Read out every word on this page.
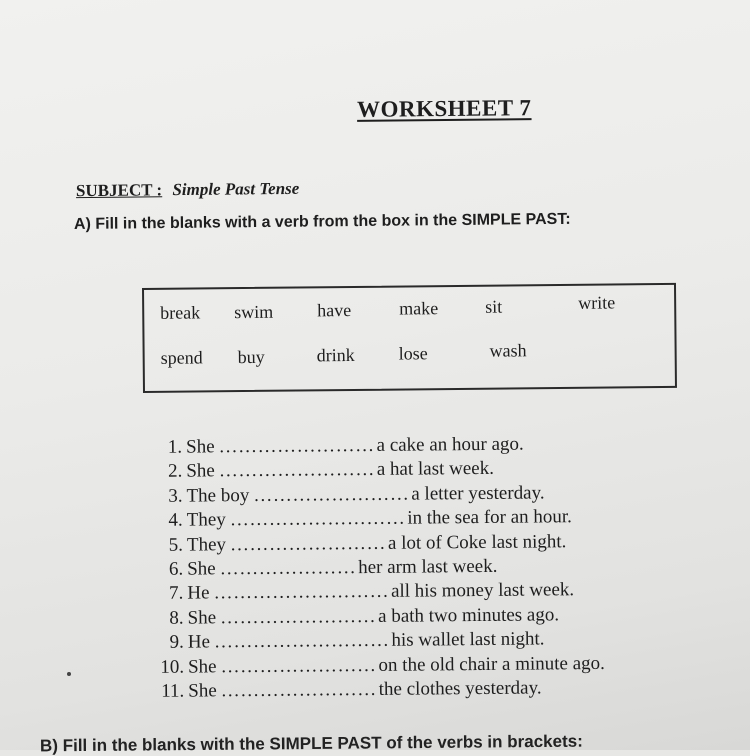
WORKSHEET 7
SUBJECT : Simple Past Tense
A) Fill in the blanks with a verb from the box in the SIMPLE PAST:
break swim have	make	sit	write
spend buy	drink lose	wash
1. She …………………… a cake an hour ago.
2. She …………………… a hat last week.
3. The boy …………………… a letter yesterday.
4. They ……………………… in the sea for an hour.
5. They …………………… a lot of Coke last night.
6. She ………………… her arm last week.
7. He ……………………… all his money last week.
8. She …………………… a bath two minutes ago.
9. He ……………………… his wallet last night.
10. She …………………… on the old chair a minute ago.
11. She …………………… the clothes yesterday.
B) Fill in the blanks with the SIMPLE PAST of the verbs in brackets:
